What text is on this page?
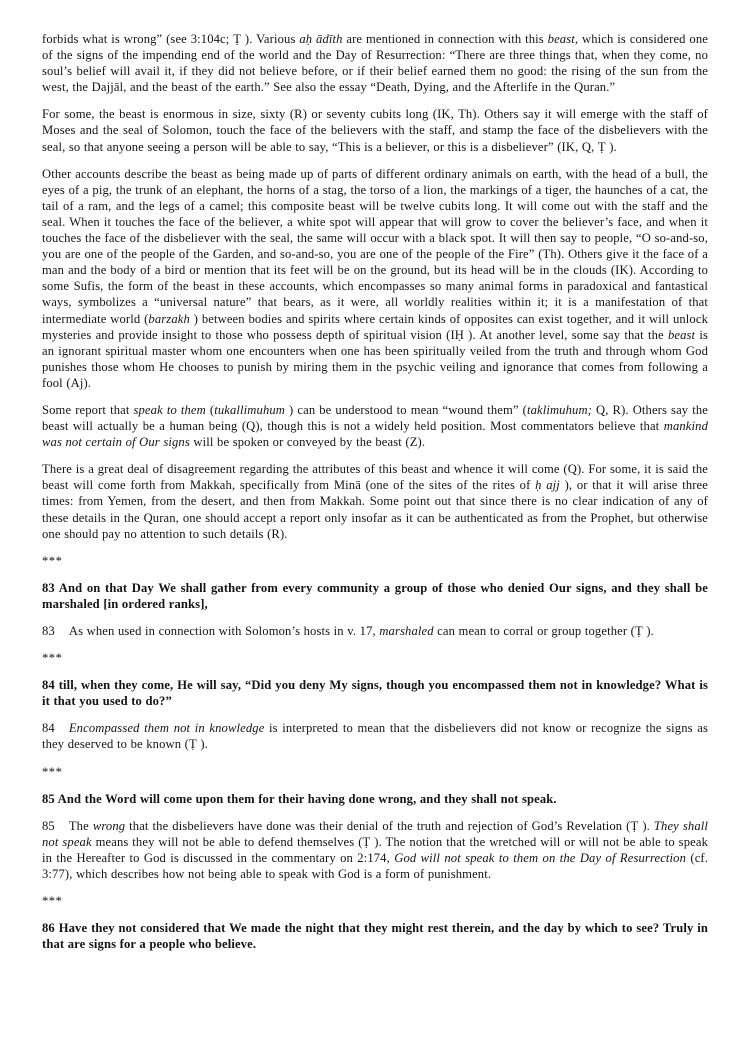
forbids what is wrong” (see 3:104c; Ṭ ). Various aḥ ādīth are mentioned in connection with this beast, which is considered one of the signs of the impending end of the world and the Day of Resurrection: “There are three things that, when they come, no soul’s belief will avail it, if they did not believe before, or if their belief earned them no good: the rising of the sun from the west, the Dajjāl, and the beast of the earth.” See also the essay “Death, Dying, and the Afterlife in the Quran.”

For some, the beast is enormous in size, sixty (R) or seventy cubits long (IK, Th). Others say it will emerge with the staff of Moses and the seal of Solomon, touch the face of the believers with the staff, and stamp the face of the disbelievers with the seal, so that anyone seeing a person will be able to say, “This is a believer, or this is a disbeliever” (IK, Q, Ṭ ).

Other accounts describe the beast as being made up of parts of different ordinary animals on earth, with the head of a bull, the eyes of a pig, the trunk of an elephant, the horns of a stag, the torso of a lion, the markings of a tiger, the haunches of a cat, the tail of a ram, and the legs of a camel; this composite beast will be twelve cubits long. It will come out with the staff and the seal. When it touches the face of the believer, a white spot will appear that will grow to cover the believer’s face, and when it touches the face of the disbeliever with the seal, the same will occur with a black spot. It will then say to people, “O so-and-so, you are one of the people of the Garden, and so-and-so, you are one of the people of the Fire” (Th). Others give it the face of a man and the body of a bird or mention that its feet will be on the ground, but its head will be in the clouds (IK). According to some Sufis, the form of the beast in these accounts, which encompasses so many animal forms in paradoxical and fantastical ways, symbolizes a “universal nature” that bears, as it were, all worldly realities within it; it is a manifestation of that intermediate world (barzakh ) between bodies and spirits where certain kinds of opposites can exist together, and it will unlock mysteries and provide insight to those who possess depth of spiritual vision (IḤ ). At another level, some say that the beast is an ignorant spiritual master whom one encounters when one has been spiritually veiled from the truth and through whom God punishes those whom He chooses to punish by miring them in the psychic veiling and ignorance that comes from following a fool (Aj).

Some report that speak to them (tukallimuhum ) can be understood to mean “wound them” (taklimuhum; Q, R). Others say the beast will actually be a human being (Q), though this is not a widely held position. Most commentators believe that mankind was not certain of Our signs will be spoken or conveyed by the beast (Z).

There is a great deal of disagreement regarding the attributes of this beast and whence it will come (Q). For some, it is said the beast will come forth from Makkah, specifically from Minā (one of the sites of the rites of ḥ ajj ), or that it will arise three times: from Yemen, from the desert, and then from Makkah. Some point out that since there is no clear indication of any of these details in the Quran, one should accept a report only insofar as it can be authenticated as from the Prophet, but otherwise one should pay no attention to such details (R).

***

83 And on that Day We shall gather from every community a group of those who denied Our signs, and they shall be marshaled [in ordered ranks],

83 As when used in connection with Solomon’s hosts in v. 17, marshaled can mean to corral or group together (Ṭ ).

***

84 till, when they come, He will say, “Did you deny My signs, though you encompassed them not in knowledge? What is it that you used to do?”

84 Encompassed them not in knowledge is interpreted to mean that the disbelievers did not know or recognize the signs as they deserved to be known (Ṭ ).

***

85 And the Word will come upon them for their having done wrong, and they shall not speak.

85 The wrong that the disbelievers have done was their denial of the truth and rejection of God’s Revelation (Ṭ ). They shall not speak means they will not be able to defend themselves (Ṭ ). The notion that the wretched will or will not be able to speak in the Hereafter to God is discussed in the commentary on 2:174, God will not speak to them on the Day of Resurrection (cf. 3:77), which describes how not being able to speak with God is a form of punishment.

***

86 Have they not considered that We made the night that they might rest therein, and the day by which to see? Truly in that are signs for a people who believe.
